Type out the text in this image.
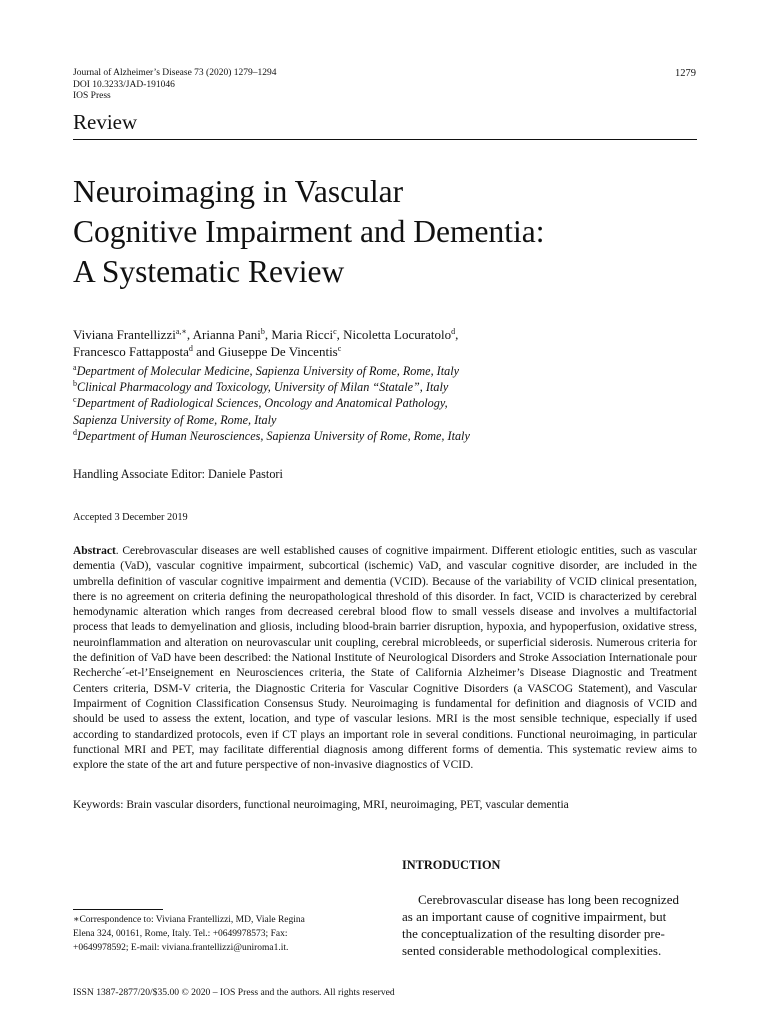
Journal of Alzheimer’s Disease 73 (2020) 1279–1294
DOI 10.3233/JAD-191046
IOS Press
1279
Review
Neuroimaging in Vascular
Cognitive Impairment and Dementia:
A Systematic Review
Viviana Frantellizzi$^{a,∗}$, Arianna Pani$^b$, Maria Ricci$^c$, Nicoletta Locuratolo$^d$,
Francesco Fattapposta$^d$ and Giuseppe De Vincentis$^c$
$^a$Department of Molecular Medicine, Sapienza University of Rome, Rome, Italy
$^b$Clinical Pharmacology and Toxicology, University of Milan “Statale”, Italy
$^c$Department of Radiological Sciences, Oncology and Anatomical Pathology,
Sapienza University of Rome, Rome, Italy
$^d$Department of Human Neurosciences, Sapienza University of Rome, Rome, Italy
Handling Associate Editor: Daniele Pastori
Accepted 3 December 2019
Abstract. Cerebrovascular diseases are well established causes of cognitive impairment. Different etiologic entities, such as vascular dementia (VaD), vascular cognitive impairment, subcortical (ischemic) VaD, and vascular cognitive disorder, are included in the umbrella definition of vascular cognitive impairment and dementia (VCID). Because of the variability of VCID clinical presentation, there is no agreement on criteria defining the neuropathological threshold of this disorder. In fact, VCID is characterized by cerebral hemodynamic alteration which ranges from decreased cerebral blood flow to small vessels disease and involves a multifactorial process that leads to demyelination and gliosis, including blood-brain barrier disruption, hypoxia, and hypoperfusion, oxidative stress, neuroinflammation and alteration on neurovascular unit coupling, cerebral microbleeds, or superficial siderosis. Numerous criteria for the definition of VaD have been described: the National Institute of Neurological Disorders and Stroke Association Internationale pour Recherche´-et-l’Enseignement en Neurosciences criteria, the State of California Alzheimer’s Disease Diagnostic and Treatment Centers criteria, DSM-V criteria, the Diagnostic Criteria for Vascular Cognitive Disorders (a VASCOG Statement), and Vascular Impairment of Cognition Classification Consensus Study. Neuroimaging is fundamental for definition and diagnosis of VCID and should be used to assess the extent, location, and type of vascular lesions. MRI is the most sensible technique, especially if used according to standardized protocols, even if CT plays an important role in several conditions. Functional neuroimaging, in particular functional MRI and PET, may facilitate differential diagnosis among different forms of dementia. This systematic review aims to explore the state of the art and future perspective of non-invasive diagnostics of VCID.
Keywords: Brain vascular disorders, functional neuroimaging, MRI, neuroimaging, PET, vascular dementia
INTRODUCTION
Cerebrovascular disease has long been recognized
as an important cause of cognitive impairment, but
the conceptualization of the resulting disorder pre-
sented considerable methodological complexities.
∗Correspondence to: Viviana Frantellizzi, MD, Viale Regina
Elena 324, 00161, Rome, Italy. Tel.: +0649978573; Fax:
+0649978592; E-mail: viviana.frantellizzi@uniroma1.it.
ISSN 1387-2877/20/$35.00 © 2020 – IOS Press and the authors. All rights reserved
